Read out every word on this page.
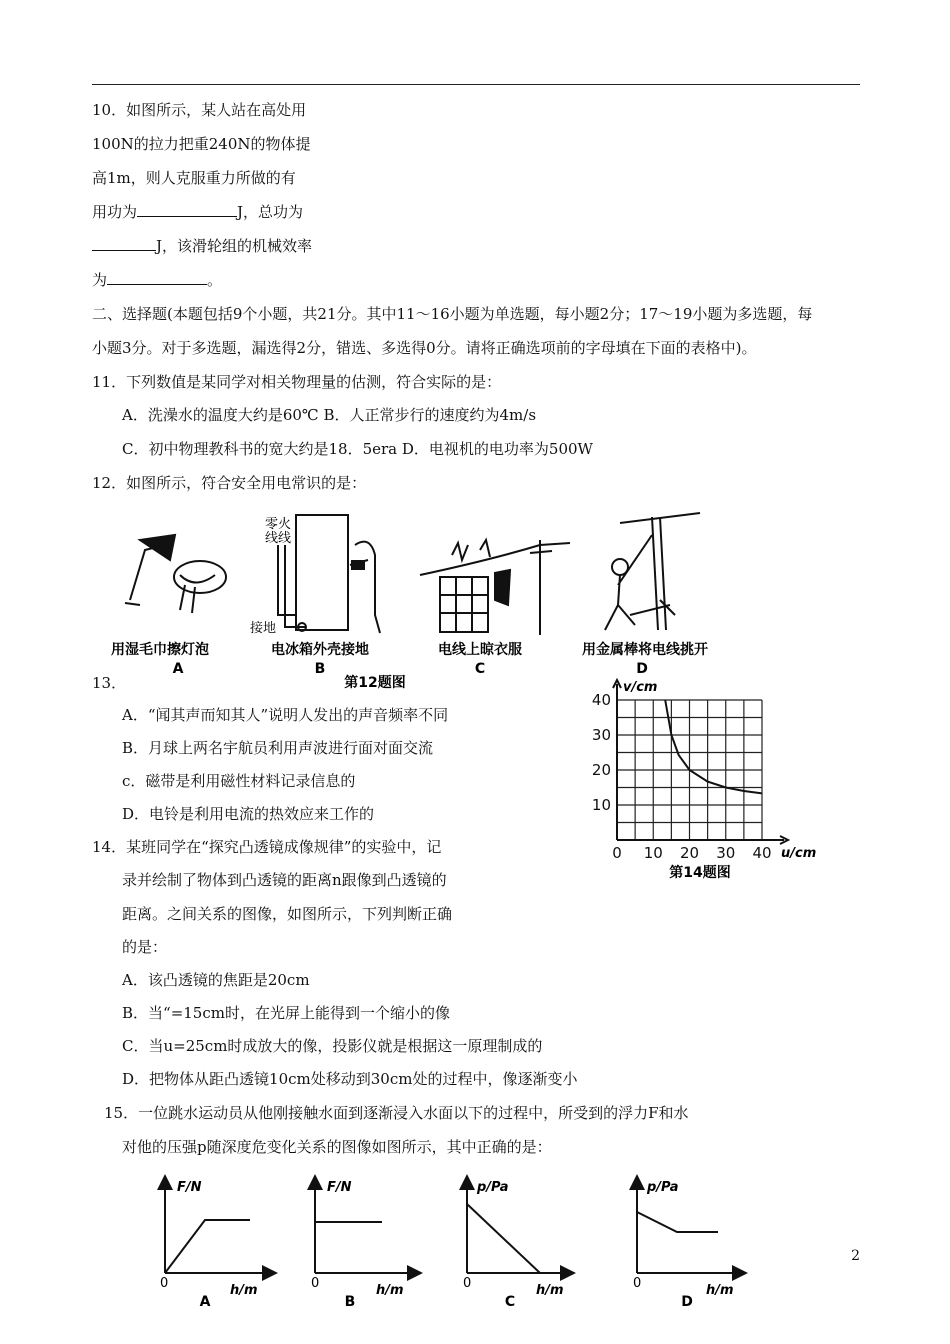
10．如图所示，某人站在高处用
100N的拉力把重240N的物体提
高1m，则人克服重力所做的有
用功为	J，总功为
J，该滑轮组的机械效率
为	。
二、选择题(本题包括9个小题，共21分。其中11～16小题为单选题，每小题2分；17～19小题为多选题，每
小题3分。对于多选题，漏选得2分，错选、多选得0分。请将正确选项前的字母填在下面的表格中)。
11．下列数值是某同学对相关物理量的估测，符合实际的是：
A．洗澡水的温度大约是60℃ B．人正常步行的速度约为4m/s
C．初中物理教科书的宽大约是18．5era D．电视机的电功率为500W
12．如图所示，符合安全用电常识的是：
零火
线线
接地
用湿毛巾擦灯泡	电冰箱外壳接地	电线上晾衣服	用金属棒将电线挑开
A	B	C	D
第12题图
13．
A．“闻其声而知其人”说明人发出的声音频率不同
B．月球上两名宇航员利用声波进行面对面交流
c．磁带是利用磁性材料记录信息的
D．电铃是利用电流的热效应来工作的
0 10 20 30 40
10
20
30
40
v/cm
u/cm
第14题图
14．某班同学在“探究凸透镜成像规律”的实验中，记
录并绘制了物体到凸透镜的距离n跟像到凸透镜的
距离。之间关系的图像，如图所示，下列判断正确
的是：
A．该凸透镜的焦距是20cm
B．当“=15cm时，在光屏上能得到一个缩小的像
C．当u=25cm时成放大的像，投影仪就是根据这一原理制成的
D．把物体从距凸透镜10cm处移动到30cm处的过程中，像逐渐变小
15．一位跳水运动员从他刚接触水面到逐渐浸入水面以下的过程中，所受到的浮力F和水
对他的压强p随深度危变化关系的图像如图所示，其中正确的是：
F/N
h/m
0
A
F/N
h/m
0
B
p/Pa
h/m
0
C
p/Pa
h/m
0
D
2
